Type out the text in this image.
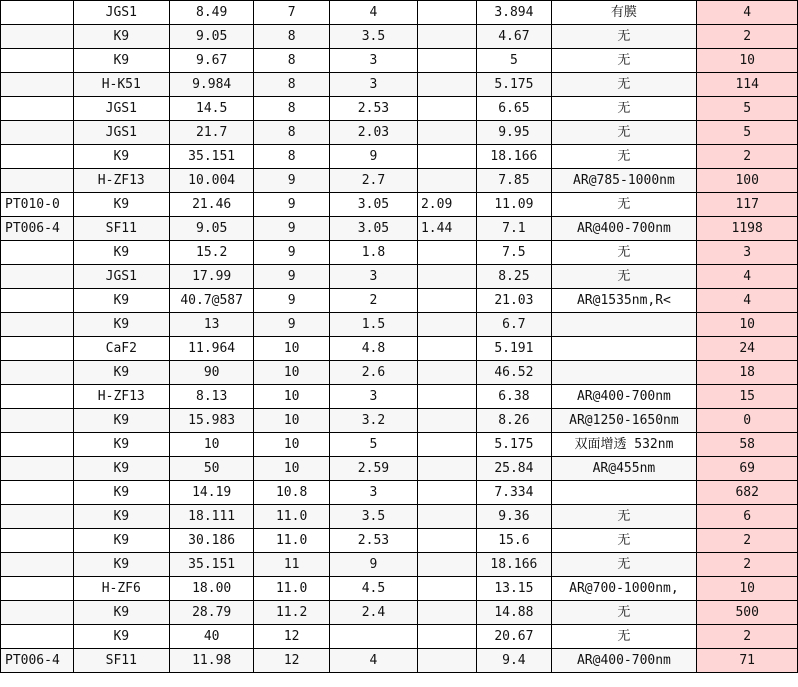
	JGS1	8.49	7	4		3.894	有膜	4
	K9	9.05	8	3.5		4.67	无	2
	K9	9.67	8	3		5	无	10
	H-K51	9.984	8	3		5.175	无	114
	JGS1	14.5	8	2.53		6.65	无	5
	JGS1	21.7	8	2.03		9.95	无	5
	K9	35.151	8	9		18.166	无	2
	H-ZF13	10.004	9	2.7		7.85	AR@785-1000nm	100
PT010-0	K9	21.46	9	3.05	2.09	11.09	无	117
PT006-4	SF11	9.05	9	3.05	1.44	7.1	AR@400-700nm	1198
	K9	15.2	9	1.8		7.5	无	3
	JGS1	17.99	9	3		8.25	无	4
	K9	40.7@587	9	2		21.03	AR@1535nm,R<	4
	K9	13	9	1.5		6.7		10
	CaF2	11.964	10	4.8		5.191		24
	K9	90	10	2.6		46.52		18
	H-ZF13	8.13	10	3		6.38	AR@400-700nm	15
	K9	15.983	10	3.2		8.26	AR@1250-1650nm	0
	K9	10	10	5		5.175	双面增透 532nm	58
	K9	50	10	2.59		25.84	AR@455nm	69
	K9	14.19	10.8	3		7.334		682
	K9	18.111	11.0	3.5		9.36	无	6
	K9	30.186	11.0	2.53		15.6	无	2
	K9	35.151	11	9		18.166	无	2
	H-ZF6	18.00	11.0	4.5		13.15	AR@700-1000nm,	10
	K9	28.79	11.2	2.4		14.88	无	500
	K9	40	12			20.67	无	2
PT006-4	SF11	11.98	12	4		9.4	AR@400-700nm	71
